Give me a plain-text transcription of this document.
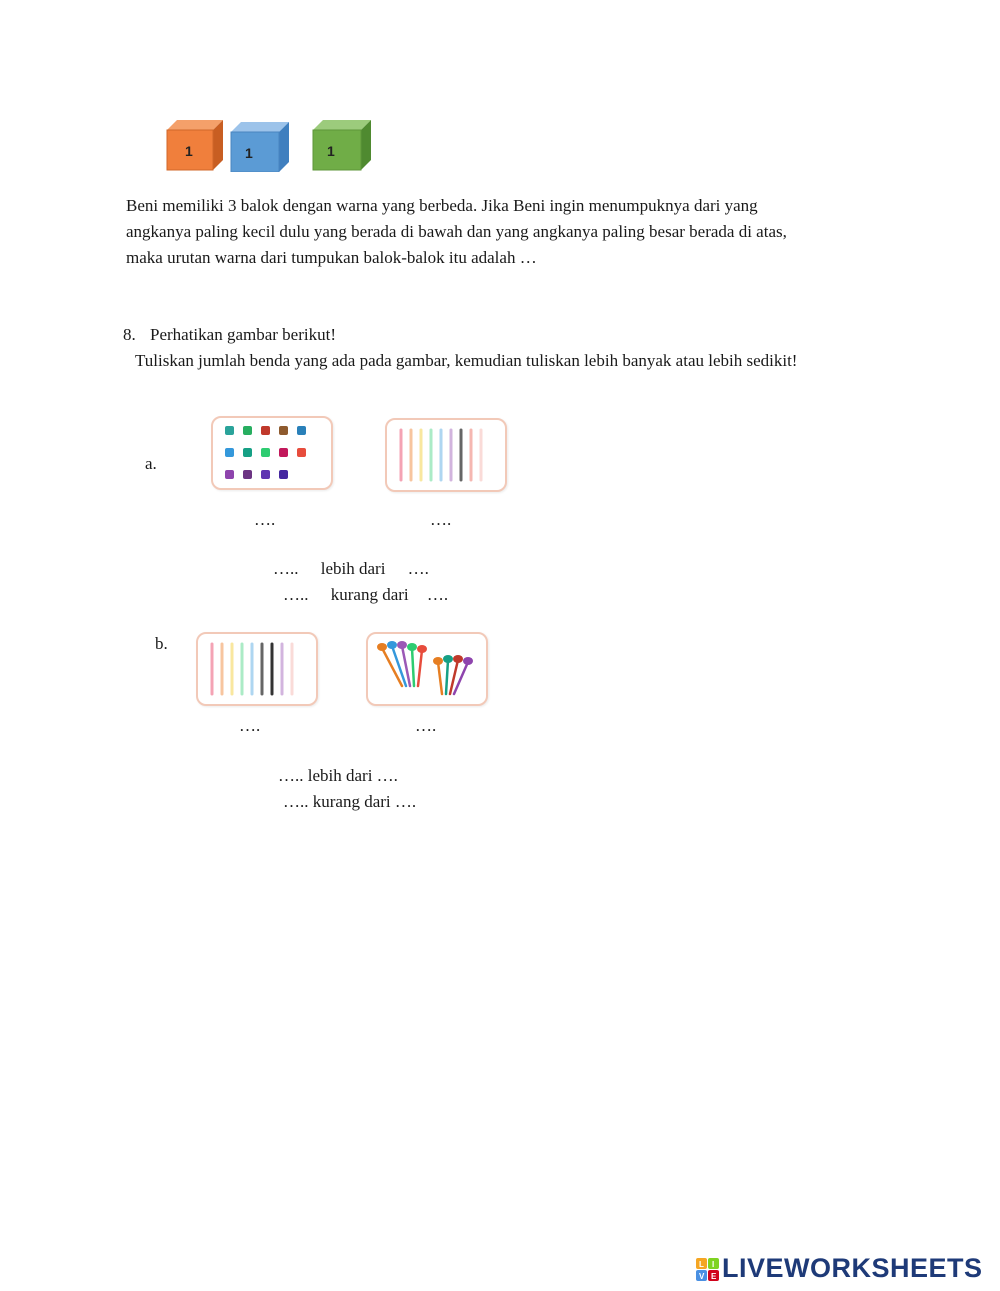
1	1	1
Beni memiliki 3 balok dengan warna yang berbeda. Jika Beni ingin menumpuknya dari yang
angkanya paling kecil dulu yang berada di bawah dan yang angkanya paling besar berada di atas,
maka urutan warna dari tumpukan balok-balok itu adalah …
8. Perhatikan gambar berikut!
Tuliskan jumlah benda yang ada pada gambar, kemudian tuliskan lebih banyak atau lebih sedikit!
a.
….	….
….. lebih dari ….
….. kurang dari ….
b.
….	….
….. lebih dari ….
….. kurang dari ….
L I
V E LIVEWORKSHEETS
